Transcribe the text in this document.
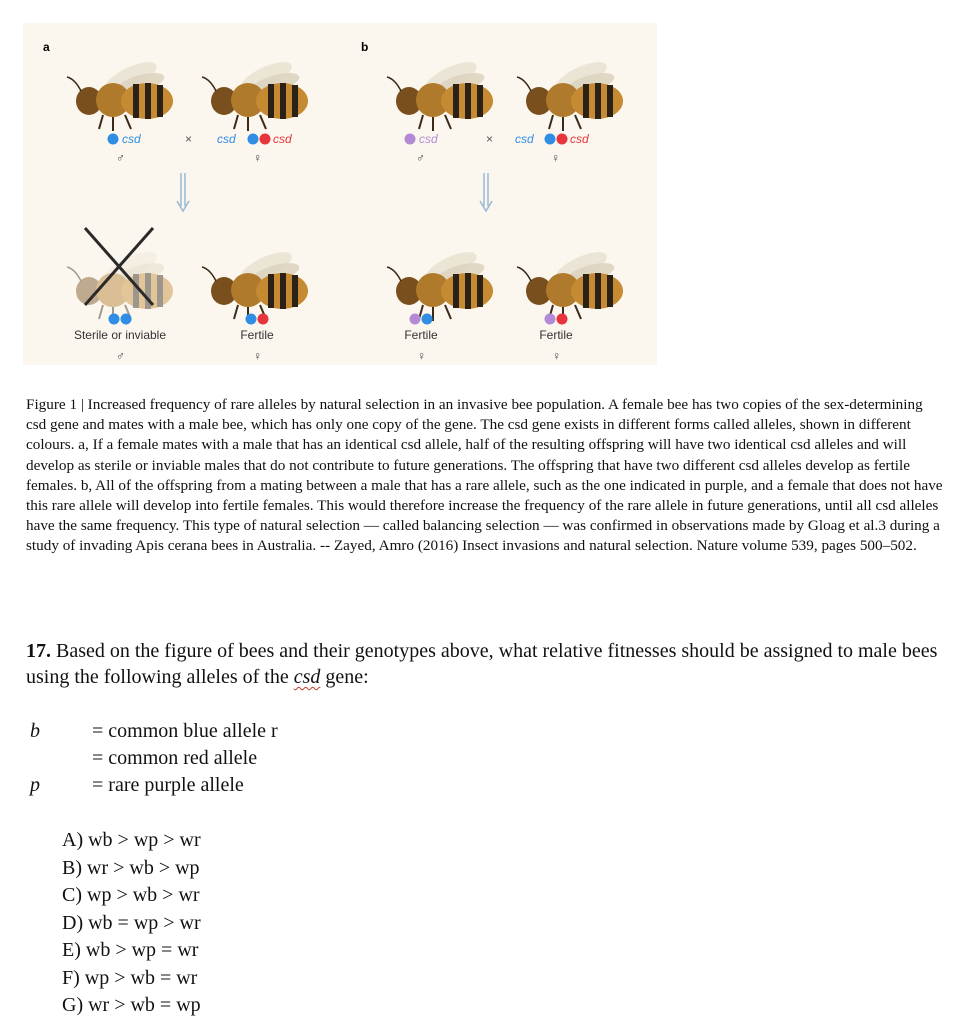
a	b
csd
♂
× csd	csd
♀
csd
♂
× csd	csd
♀
Sterile or inviable
♂
Fertile
♀
Fertile
♀
Fertile
♀
Figure 1 | Increased frequency of rare alleles by natural selection in an invasive bee population. A female bee has two copies of the sex-determining csd gene and mates with a male bee, which has only one copy of the gene. The csd gene exists in different forms called alleles, shown in different colours. a, If a female mates with a male that has an identical csd allele, half of the resulting offspring will have two identical csd alleles and will develop as sterile or inviable males that do not contribute to future generations. The offspring that have two different csd alleles develop as fertile females. b, All of the offspring from a mating between a male that has a rare allele, such as the one indicated in purple, and a female that does not have this rare allele will develop into fertile females. This would therefore increase the frequency of the rare allele in future generations, until all csd alleles have the same frequency. This type of natural selection — called balancing selection — was confirmed in observations made by Gloag et al.3 during a study of invading Apis cerana bees in Australia. -- Zayed, Amro (2016) Insect invasions and natural selection. Nature volume 539, pages 500–502.
17. Based on the figure of bees and their genotypes above, what relative fitnesses should be assigned to male bees using the following alleles of the csd gene:
b	= common blue allele r
= common red allele
p	= rare purple allele
A) wb > wp > wr
B) wr > wb > wp
C) wp > wb > wr
D) wb = wp > wr
E) wb > wp = wr
F) wp > wb = wr
G) wr > wb = wp
